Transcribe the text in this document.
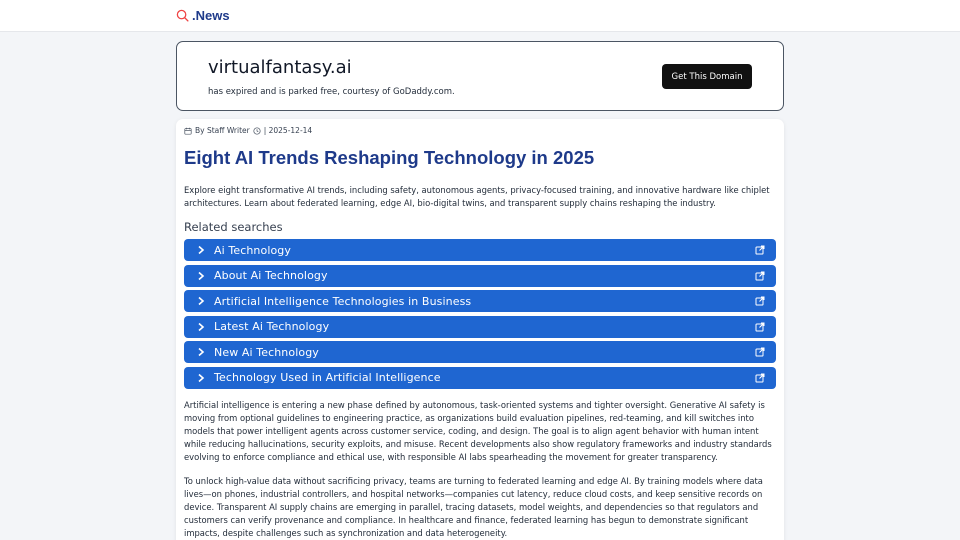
.News
virtualfantasy.ai
has expired and is parked free, courtesy of GoDaddy.com.
Get This Domain
By Staff Writer | 2025-12-14
Eight AI Trends Reshaping Technology in 2025
Explore eight transformative AI trends, including safety, autonomous agents, privacy-focused training, and innovative hardware like chiplet architectures. Learn about federated learning, edge AI, bio-digital twins, and transparent supply chains reshaping the industry.
Related searches
Ai Technology
About Ai Technology
Artificial Intelligence Technologies in Business
Latest Ai Technology
New Ai Technology
Technology Used in Artificial Intelligence

Artificial intelligence is entering a new phase defined by autonomous, task-oriented systems and tighter oversight. Generative AI safety is moving from optional guidelines to engineering practice, as organizations build evaluation pipelines, red-teaming, and kill switches into models that power intelligent agents across customer service, coding, and design. The goal is to align agent behavior with human intent while reducing hallucinations, security exploits, and misuse. Recent developments also show regulatory frameworks and industry standards evolving to enforce compliance and ethical use, with responsible AI labs spearheading the movement for greater transparency.

To unlock high-value data without sacrificing privacy, teams are turning to federated learning and edge AI. By training models where data lives—on phones, industrial controllers, and hospital networks—companies cut latency, reduce cloud costs, and keep sensitive records on device. Transparent AI supply chains are emerging in parallel, tracing datasets, model weights, and dependencies so that regulators and customers can verify provenance and compliance. In healthcare and finance, federated learning has begun to demonstrate significant impacts, despite challenges such as synchronization and data heterogeneity.
